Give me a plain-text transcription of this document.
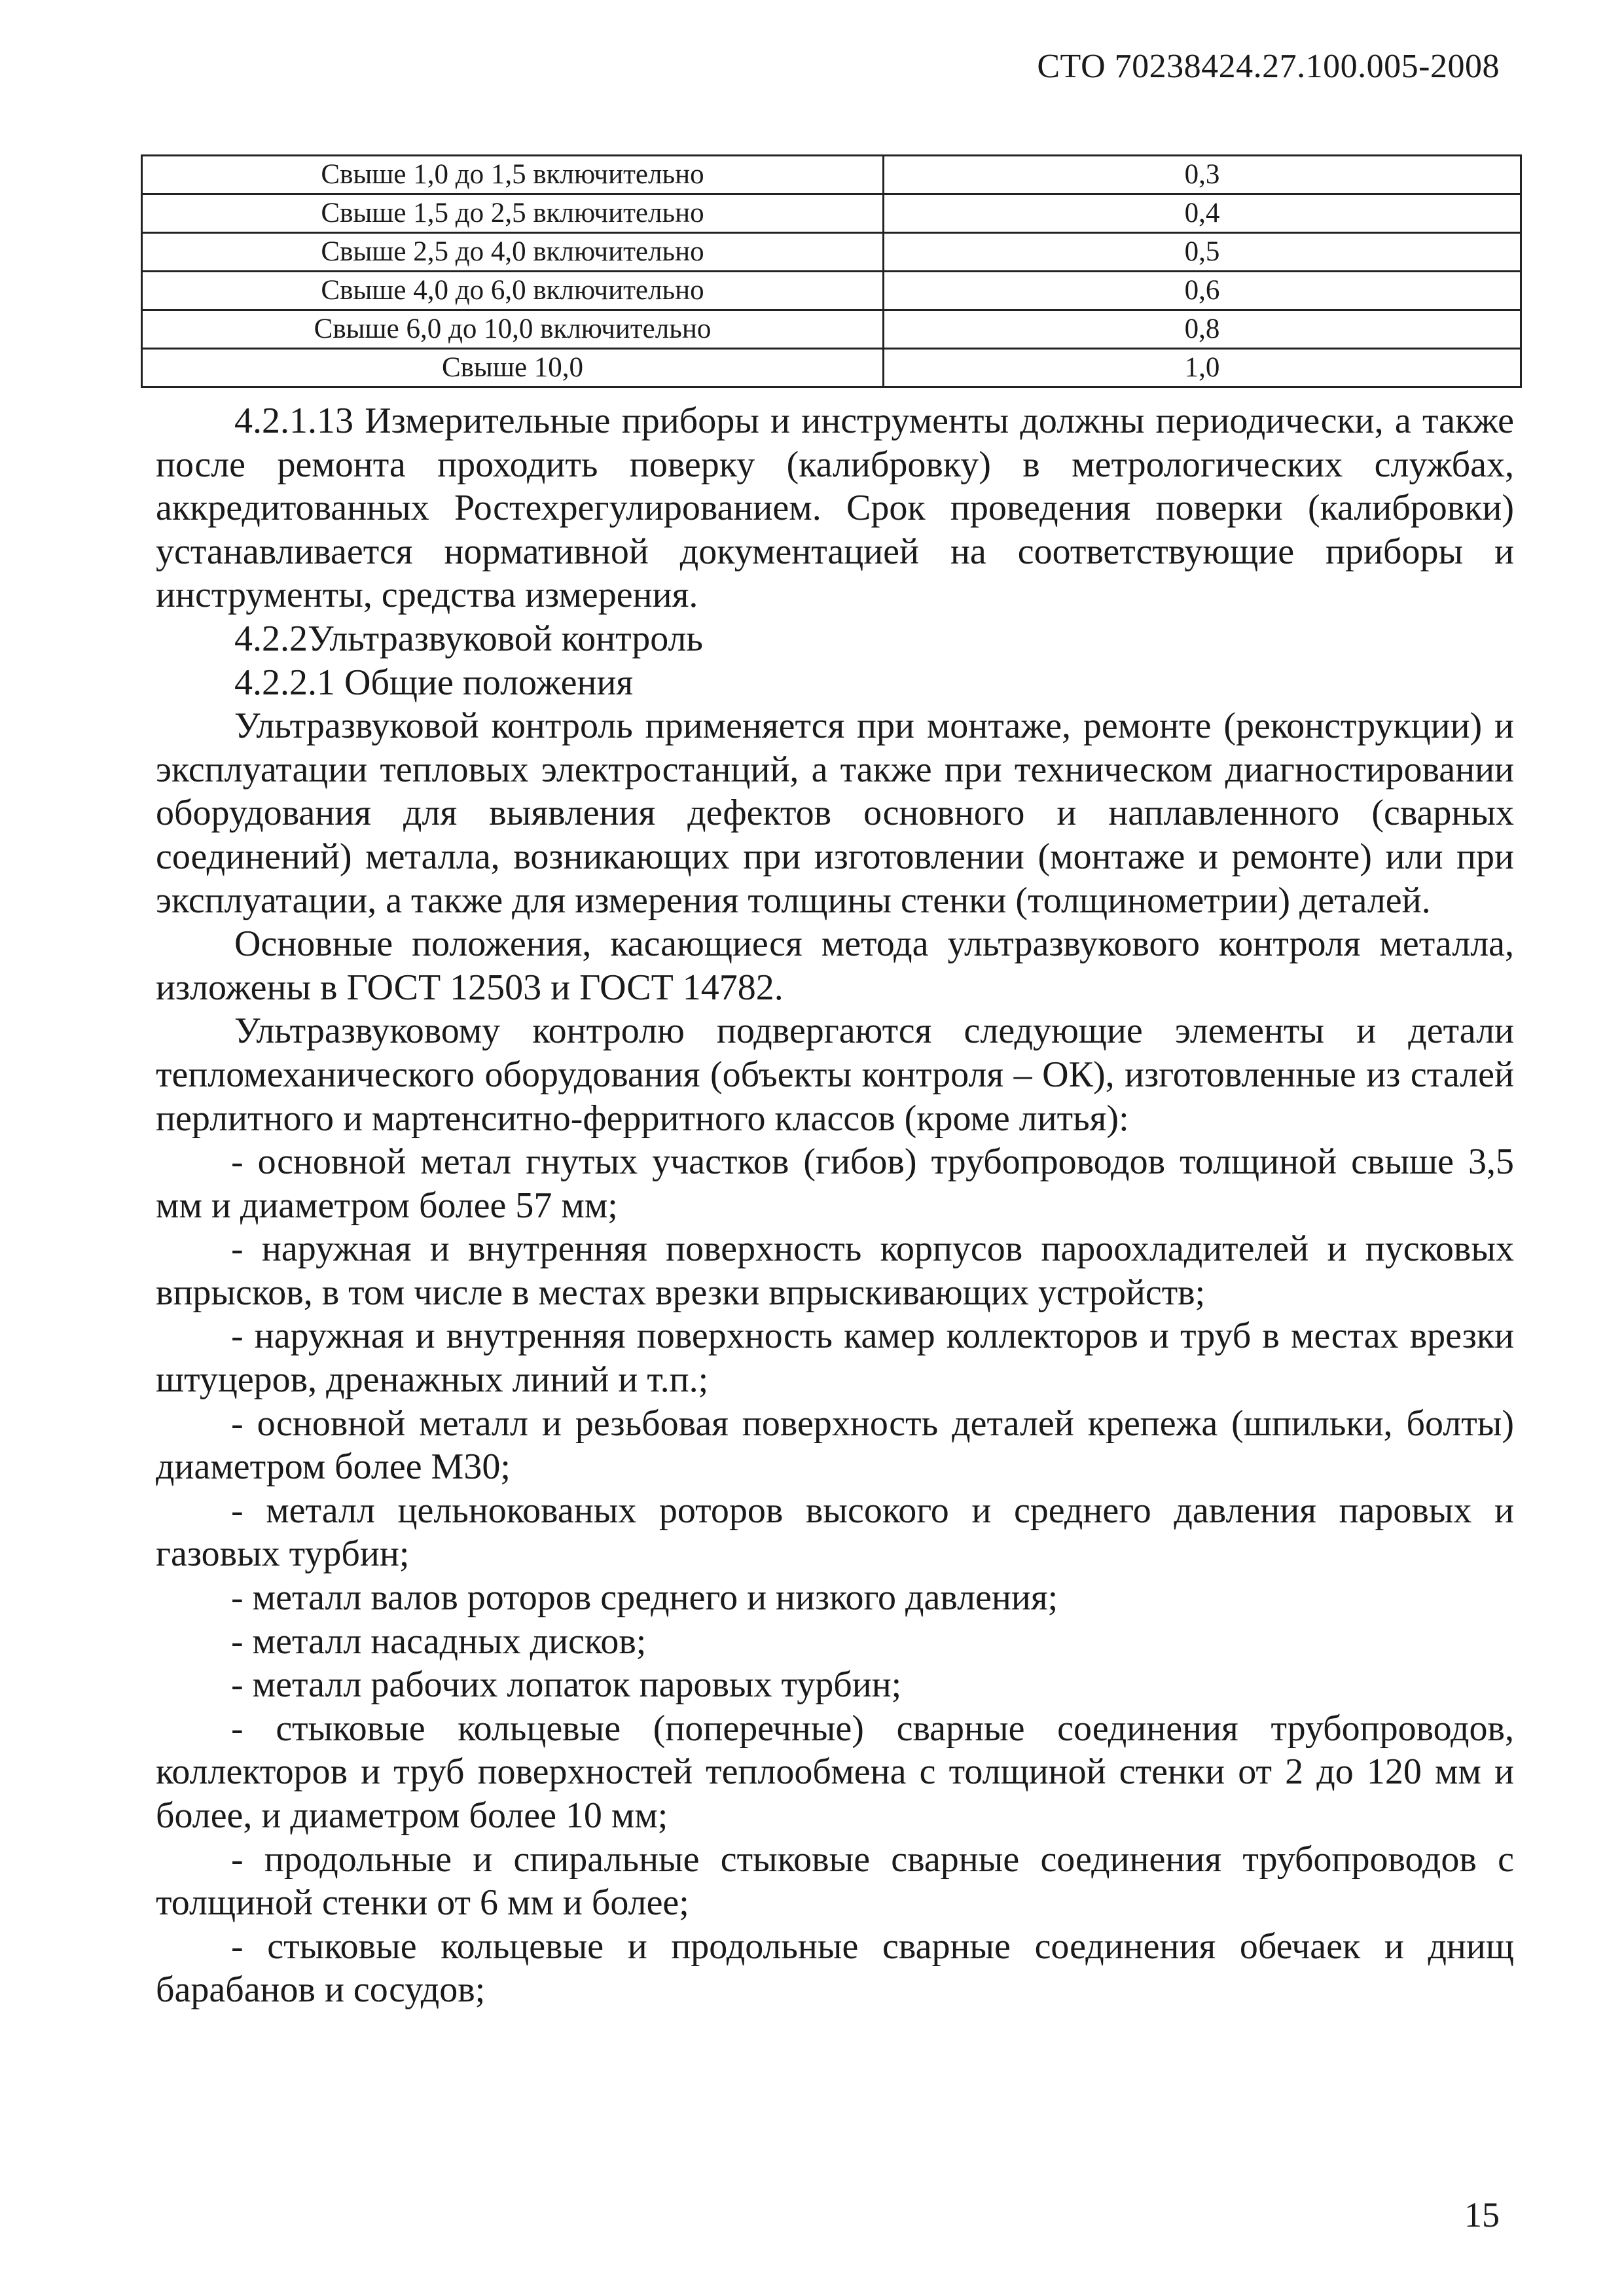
СТО 70238424.27.100.005-2008
Свыше 1,0 до 1,5 включительно	0,3
Свыше 1,5 до 2,5 включительно	0,4
Свыше 2,5 до 4,0 включительно	0,5
Свыше 4,0 до 6,0 включительно	0,6
Свыше 6,0 до 10,0 включительно	0,8
Свыше 10,0	1,0

4.2.1.13 Измерительные приборы и инструменты должны периодически, а также после ремонта проходить поверку (калибровку) в метрологических службах, аккредитованных Ростехрегулированием. Срок проведения поверки (калибровки) устанавливается нормативной документацией на соответствующие приборы и инструменты, средства измерения.

4.2.2Ультразвуковой контроль

4.2.2.1 Общие положения

Ультразвуковой контроль применяется при монтаже, ремонте (реконструкции) и эксплуатации тепловых электростанций, а также при техническом диагностировании оборудования для выявления дефектов основного и наплавленного (сварных соединений) металла, возникающих при изготовлении (монтаже и ремонте) или при эксплуатации, а также для измерения толщины стенки (толщинометрии) деталей.

Основные положения, касающиеся метода ультразвукового контроля металла, изложены в ГОСТ 12503 и ГОСТ 14782.

Ультразвуковому контролю подвергаются следующие элементы и детали тепломеханического оборудования (объекты контроля – ОК), изготовленные из сталей перлитного и мартенситно-ферритного классов (кроме литья):

- основной метал гнутых участков (гибов) трубопроводов толщиной свыше 3,5 мм и диаметром более 57 мм;

- наружная и внутренняя поверхность корпусов пароохладителей и пусковых впрысков, в том числе в местах врезки впрыскивающих устройств;

- наружная и внутренняя поверхность камер коллекторов и труб в местах врезки штуцеров, дренажных линий и т.п.;

- основной металл и резьбовая поверхность деталей крепежа (шпильки, болты) диаметром более М30;

- металл цельнокованых роторов высокого и среднего давления паровых и газовых турбин;

- металл валов роторов среднего и низкого давления;

- металл насадных дисков;

- металл рабочих лопаток паровых турбин;

- стыковые кольцевые (поперечные) сварные соединения трубопроводов, коллекторов и труб поверхностей теплообмена с толщиной стенки от 2 до 120 мм и более, и диаметром более 10 мм;

- продольные и спиральные стыковые сварные соединения трубопроводов с толщиной стенки от 6 мм и более;

- стыковые кольцевые и продольные сварные соединения обечаек и днищ барабанов и сосудов;

15
